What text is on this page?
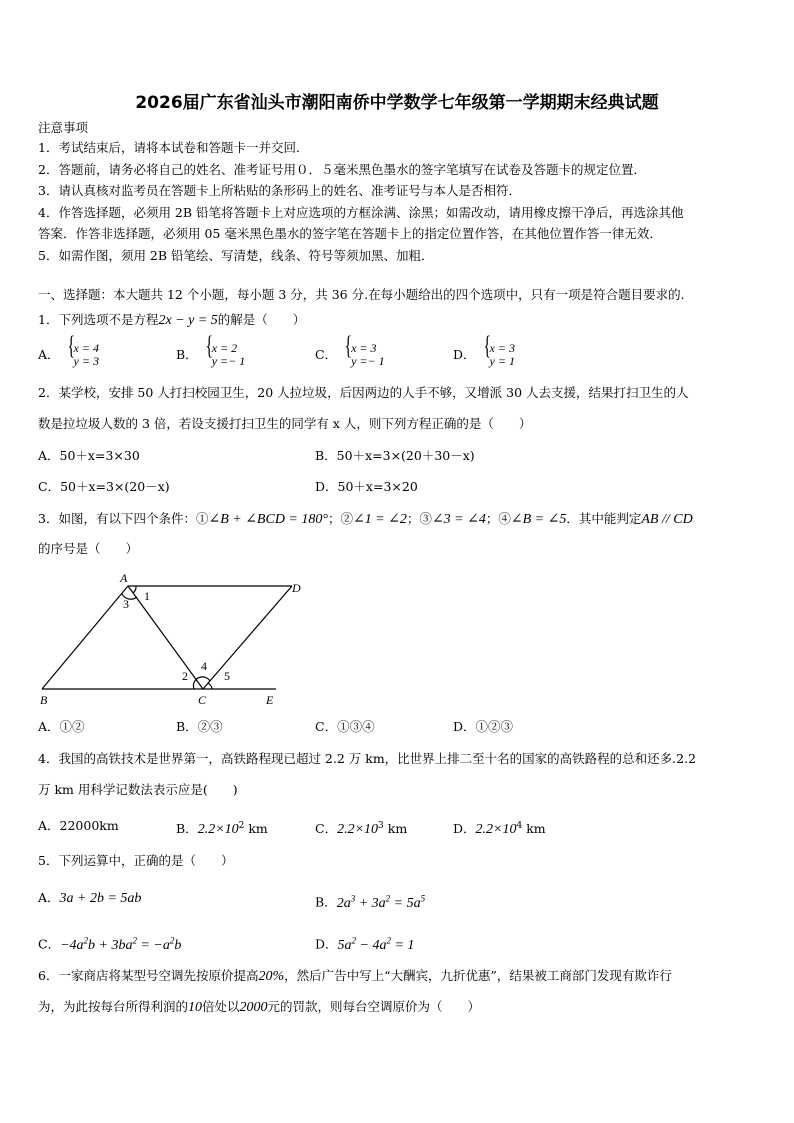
2026届广东省汕头市潮阳南侨中学数学七年级第一学期期末经典试题
注意事项
1．考试结束后，请将本试卷和答题卡一并交回．
2．答题前，请务必将自己的姓名、准考证号用０．５毫米黑色墨水的签字笔填写在试卷及答题卡的规定位置．
3．请认真核对监考员在答题卡上所粘贴的条形码上的姓名、准考证号与本人是否相符．
4．作答选择题，必须用 2B 铅笔将答题卡上对应选项的方框涂满、涂黑；如需改动，请用橡皮擦干净后，再选涂其他
答案．作答非选择题，必须用 05 毫米黑色墨水的签字笔在答题卡上的指定位置作答，在其他位置作答一律无效．
5．如需作图，须用 2B 铅笔绘、写清楚，线条、符号等须加黑、加粗．
一、选择题：本大题共 12 个小题，每小题 3 分，共 36 分.在每小题给出的四个选项中，只有一项是符合题目要求的.
1．下列选项不是方程2x − y = 5的解是（　　）
A． { x = 4
y = 3	B． { x = 2
y =− 1	C． { x = 3
y =− 1	D． { x = 3
y = 1
2．某学校，安排 50 人打扫校园卫生，20 人拉垃圾，后因两边的人手不够，又增派 30 人去支援，结果打扫卫生的人
数是拉垃圾人数的 3 倍，若设支援打扫卫生的同学有 x 人，则下列方程正确的是（　　）
A．50＋x=3×30	B．50＋x=3×(20＋30－x)
C．50＋x=3×(20－x)	D．50＋x=3×20
3．如图，有以下四个条件：①∠B + ∠BCD = 180°；②∠1 = ∠2；③∠3 = ∠4；④∠B = ∠5．其中能判定AB // CD
的序号是（　　）
A
D
B	C	E
1
3
2
4
5
A．①②	B．②③	C．①③④	D．①②③
4．我国的高铁技术是世界第一，高铁路程现已超过 2.2 万 km，比世界上排二至十名的国家的高铁路程的总和还多.2.2
万 km 用科学记数法表示应是(　　)
A．22000km	B．$2.2\times 10^2$ km	C．$2.2\times 10^3$ km	D．$2.2\times 10^4$ km
5．下列运算中，正确的是（　　）
A．3a + 2b = 5ab	B．$2a^3 + 3a^2 = 5a^5$
C．$-4a^2b + 3ba^2 = -a^2b$	D．$5a^2 - 4a^2 = 1$
6．一家商店将某型号空调先按原价提高20%，然后广告中写上“大酬宾，九折优惠”，结果被工商部门发现有欺诈行
为，为此按每台所得利润的10倍处以2000元的罚款，则每台空调原价为（　　）
